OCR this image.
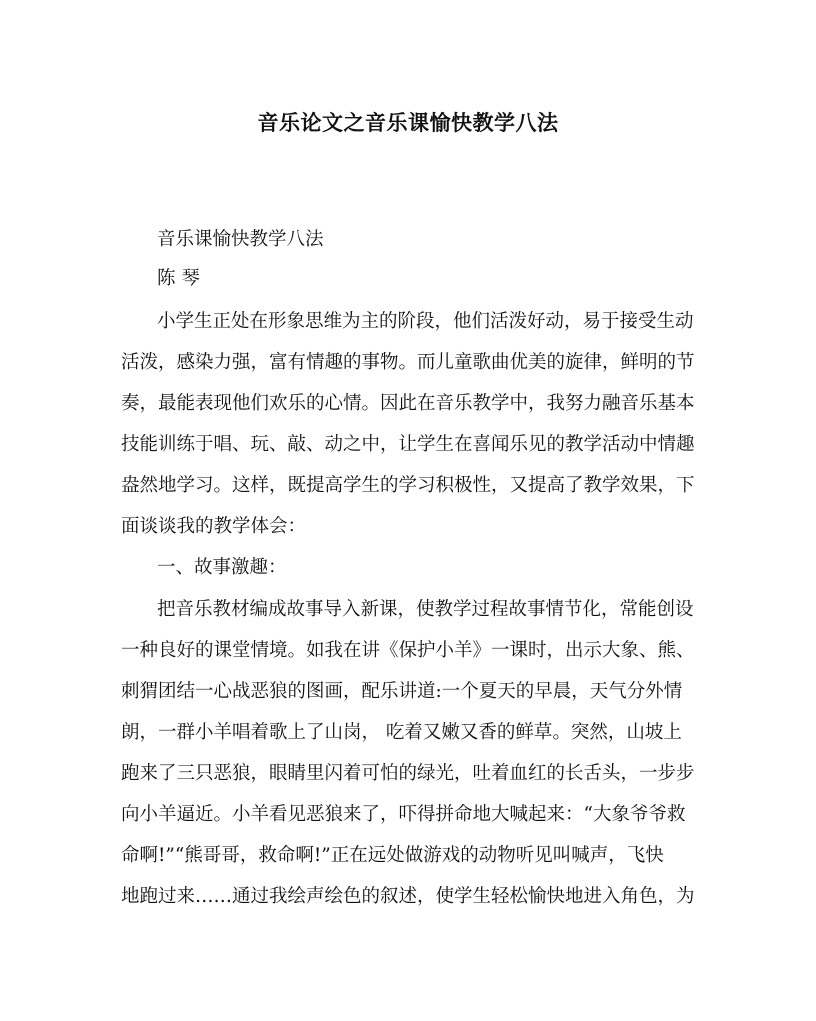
音乐论文之音乐课愉快教学八法
音乐课愉快教学八法
陈 琴
小学生正处在形象思维为主的阶段，他们活泼好动，易于接受生动
活泼，感染力强，富有情趣的事物。而儿童歌曲优美的旋律，鲜明的节
奏，最能表现他们欢乐的心情。因此在音乐教学中，我努力融音乐基本
技能训练于唱、玩、敲、动之中，让学生在喜闻乐见的教学活动中情趣
盎然地学习。这样，既提高学生的学习积极性，又提高了教学效果，下
面谈谈我的教学体会：
一、故事激趣：
把音乐教材编成故事导入新课，使教学过程故事情节化，常能创设
一种良好的课堂情境。如我在讲《保护小羊》一课时，出示大象、熊、
刺猬团结一心战恶狼的图画，配乐讲道:一个夏天的早晨，天气分外情
朗，一群小羊唱着歌上了山岗， 吃着又嫩又香的鲜草。突然，山坡上
跑来了三只恶狼，眼睛里闪着可怕的绿光，吐着血红的长舌头，一步步
向小羊逼近。小羊看见恶狼来了，吓得拼命地大喊起来：“大象爷爷救
命啊!”“熊哥哥，救命啊!”正在远处做游戏的动物听见叫喊声，飞快
地跑过来……通过我绘声绘色的叙述，使学生轻松愉快地进入角色，为
